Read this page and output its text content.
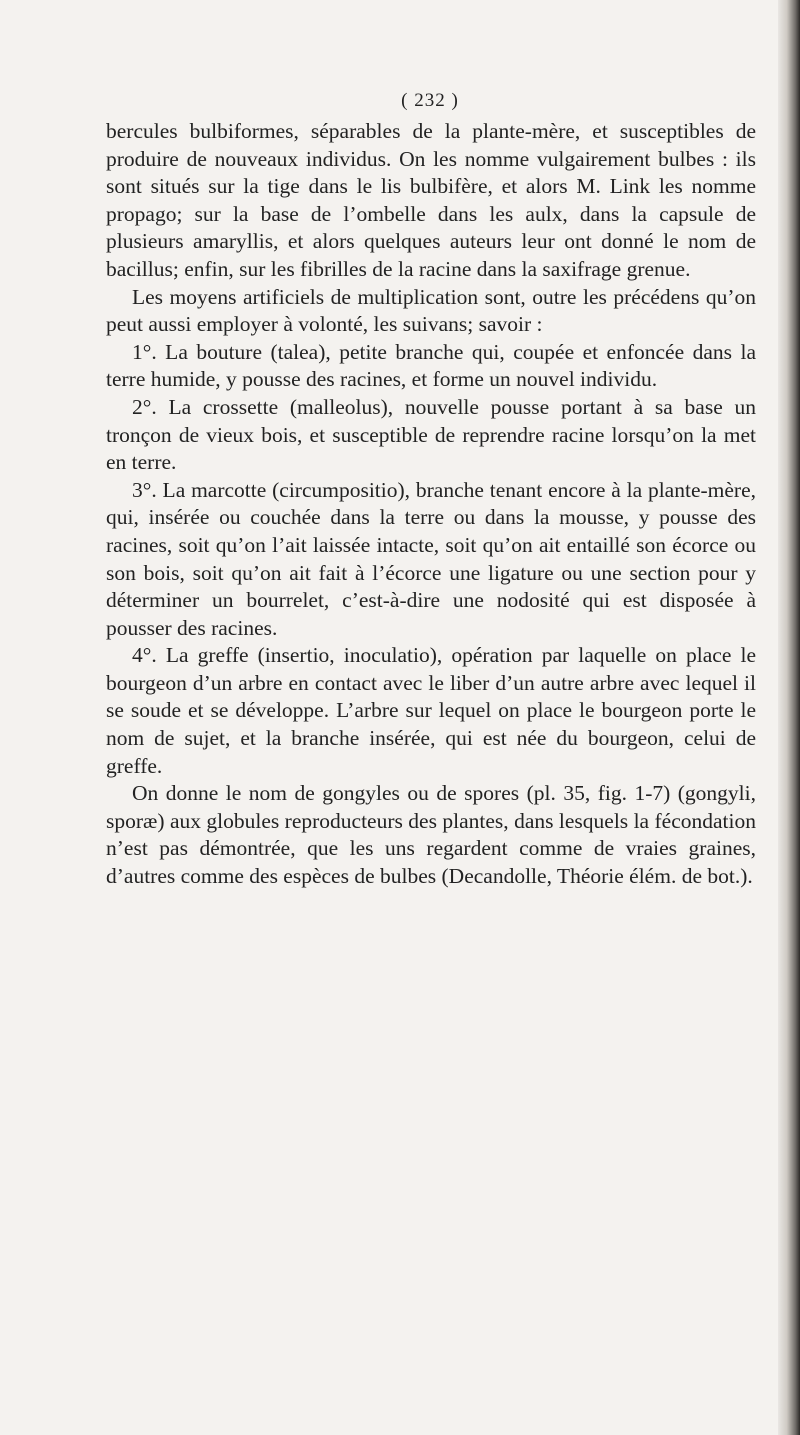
( 232 )

bercules bulbiformes, séparables de la plante-mère, et susceptibles de produire de nouveaux individus. On les nomme vulgairement bulbes : ils sont situés sur la tige dans le lis bulbifère, et alors M. Link les nomme propago; sur la base de l’ombelle dans les aulx, dans la capsule de plusieurs amaryllis, et alors quelques auteurs leur ont donné le nom de bacillus; enfin, sur les fibrilles de la racine dans la saxifrage grenue.

Les moyens artificiels de multiplication sont, outre les précédens qu’on peut aussi employer à volonté, les suivans; savoir :

1°. La bouture (talea), petite branche qui, coupée et enfoncée dans la terre humide, y pousse des racines, et forme un nouvel individu.

2°. La crossette (malleolus), nouvelle pousse portant à sa base un tronçon de vieux bois, et susceptible de reprendre racine lorsqu’on la met en terre.

3°. La marcotte (circumpositio), branche tenant encore à la plante-mère, qui, insérée ou couchée dans la terre ou dans la mousse, y pousse des racines, soit qu’on l’ait laissée intacte, soit qu’on ait entaillé son écorce ou son bois, soit qu’on ait fait à l’écorce une ligature ou une section pour y déterminer un bourrelet, c’est-à-dire une nodosité qui est disposée à pousser des racines.

4°. La greffe (insertio, inoculatio), opération par laquelle on place le bourgeon d’un arbre en contact avec le liber d’un autre arbre avec lequel il se soude et se développe. L’arbre sur lequel on place le bourgeon porte le nom de sujet, et la branche insérée, qui est née du bourgeon, celui de greffe.

On donne le nom de gongyles ou de spores (pl. 35, fig. 1-7) (gongyli, sporæ) aux globules reproducteurs des plantes, dans lesquels la fécondation n’est pas démontrée, que les uns regardent comme de vraies graines, d’autres comme des espèces de bulbes (Decandolle, Théorie élém. de bot.).
